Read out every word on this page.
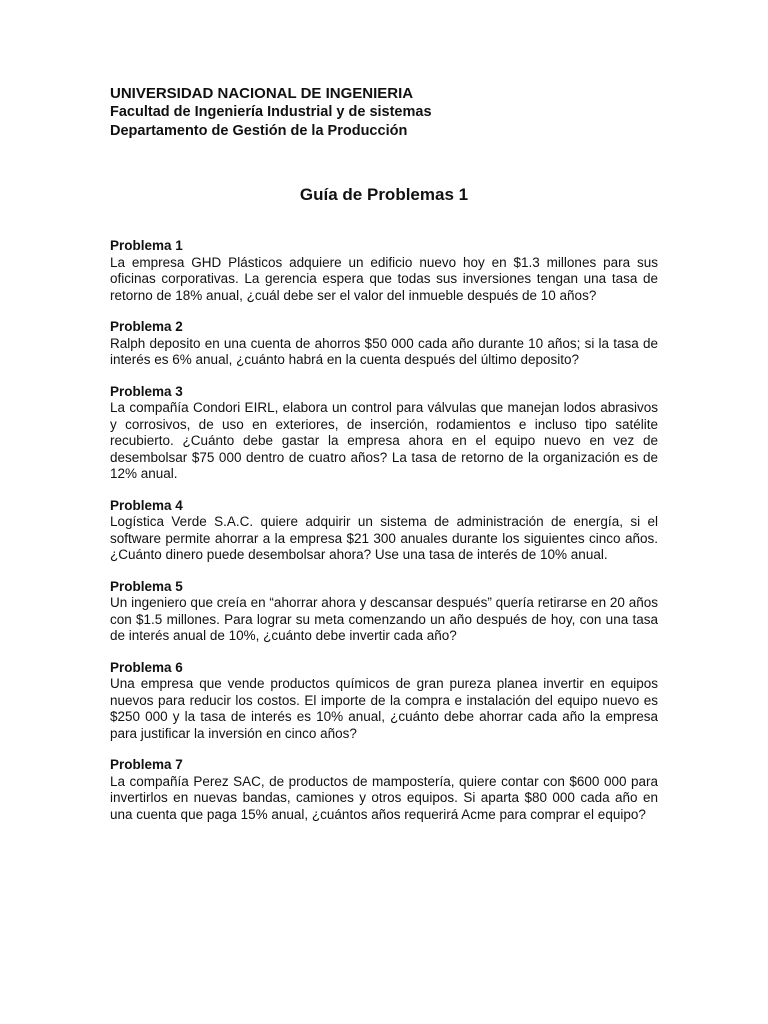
UNIVERSIDAD NACIONAL DE INGENIERIA

Facultad de Ingeniería Industrial y de sistemas

Departamento de Gestión de la Producción

Guía de Problemas 1

Problema 1

La empresa GHD Plásticos adquiere un edificio nuevo hoy en $1.3 millones para sus oficinas corporativas. La gerencia espera que todas sus inversiones tengan una tasa de retorno de 18% anual, ¿cuál debe ser el valor del inmueble después de 10 años?

Problema 2

Ralph deposito en una cuenta de ahorros $50 000 cada año durante 10 años; si la tasa de interés es 6% anual, ¿cuánto habrá en la cuenta después del último deposito?

Problema 3

La compañía Condori EIRL, elabora un control para válvulas que manejan lodos abrasivos y corrosivos, de uso en exteriores, de inserción, rodamientos e incluso tipo satélite recubierto. ¿Cuánto debe gastar la empresa ahora en el equipo nuevo en vez de desembolsar $75 000 dentro de cuatro años? La tasa de retorno de la organización es de 12% anual.

Problema 4

Logística Verde S.A.C. quiere adquirir un sistema de administración de energía, si el software permite ahorrar a la empresa $21 300 anuales durante los siguientes cinco años. ¿Cuánto dinero puede desembolsar ahora? Use una tasa de interés de 10% anual.

Problema 5

Un ingeniero que creía en “ahorrar ahora y descansar después” quería retirarse en 20 años con $1.5 millones. Para lograr su meta comenzando un año después de hoy, con una tasa de interés anual de 10%, ¿cuánto debe invertir cada año?

Problema 6

Una empresa que vende productos químicos de gran pureza planea invertir en equipos nuevos para reducir los costos. El importe de la compra e instalación del equipo nuevo es $250 000 y la tasa de interés es 10% anual, ¿cuánto debe ahorrar cada año la empresa para justificar la inversión en cinco años?

Problema 7

La compañía Perez SAC, de productos de mampostería, quiere contar con $600 000 para invertirlos en nuevas bandas, camiones y otros equipos. Si aparta $80 000 cada año en una cuenta que paga 15% anual, ¿cuántos años requerirá Acme para comprar el equipo?
